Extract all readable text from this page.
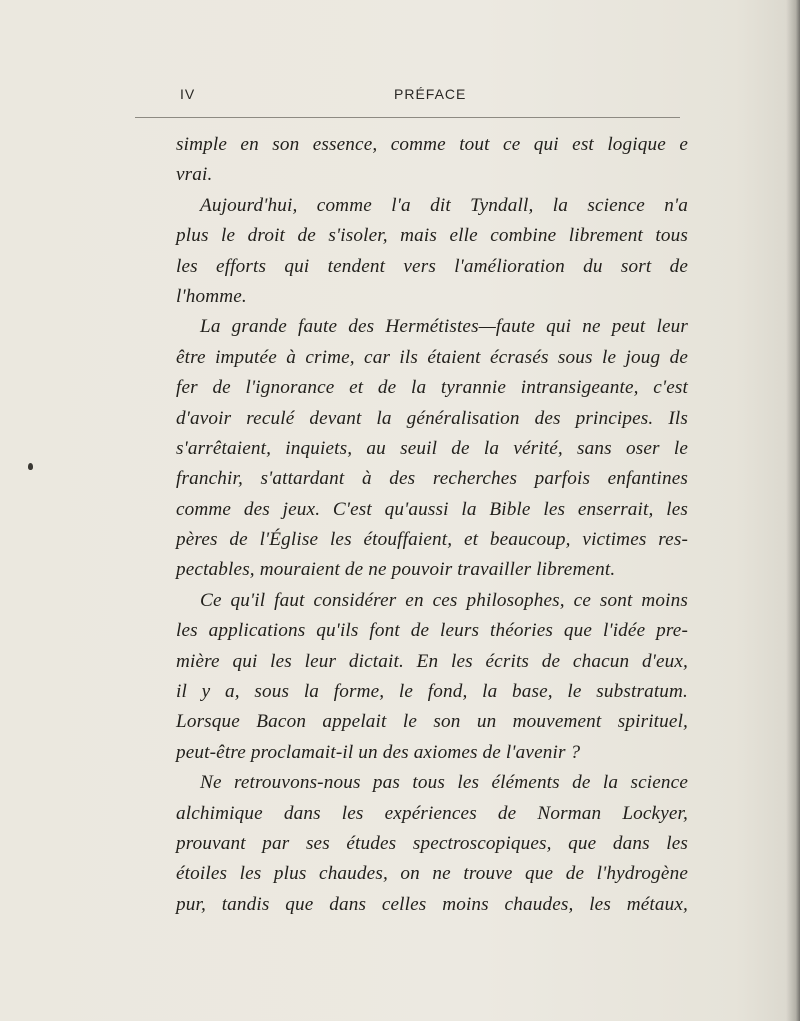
IV	PRÉFACE
simple en son essence, comme tout ce qui est logique e
vrai.
Aujourd'hui, comme l'a dit Tyndall, la science n'a
plus le droit de s'isoler, mais elle combine librement tous
les efforts qui tendent vers l'amélioration du sort de
l'homme.
La grande faute des Hermétistes—faute qui ne peut leur
être imputée à crime, car ils étaient écrasés sous le joug de
fer de l'ignorance et de la tyrannie intransigeante, c'est
d'avoir reculé devant la généralisation des principes. Ils
s'arrêtaient, inquiets, au seuil de la vérité, sans oser le
franchir, s'attardant à des recherches parfois enfantines
comme des jeux. C'est qu'aussi la Bible les enserrait, les
pères de l'Église les étouffaient, et beaucoup, victimes res-
pectables, mouraient de ne pouvoir travailler librement.
Ce qu'il faut considérer en ces philosophes, ce sont moins
les applications qu'ils font de leurs théories que l'idée pre-
mière qui les leur dictait. En les écrits de chacun d'eux,
il y a, sous la forme, le fond, la base, le substratum.
Lorsque Bacon appelait le son un mouvement spirituel,
peut-être proclamait-il un des axiomes de l'avenir ?
Ne retrouvons-nous pas tous les éléments de la science
alchimique dans les expériences de Norman Lockyer,
prouvant par ses études spectroscopiques, que dans les
étoiles les plus chaudes, on ne trouve que de l'hydrogène
pur, tandis que dans celles moins chaudes, les métaux,
